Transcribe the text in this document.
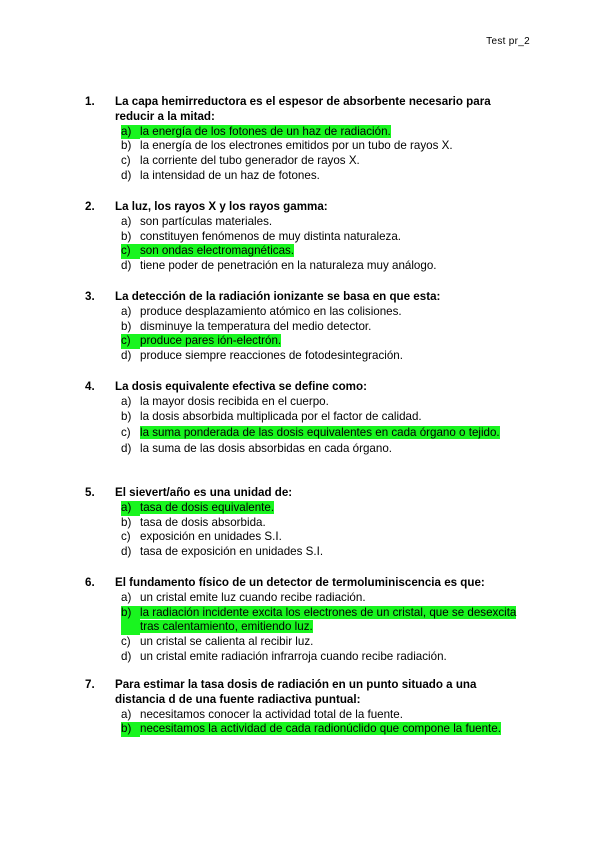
Test pr_2
1.	La capa hemirreductora es el espesor de absorbente necesario para reducir a la mitad:
a) la energía de los fotones de un haz de radiación.
b) la energía de los electrones emitidos por un tubo de rayos X.
c) la corriente del tubo generador de rayos X.
d) la intensidad de un haz de fotones.
2.	La luz, los rayos X y los rayos gamma:
a) son partículas materiales.
b) constituyen fenómenos de muy distinta naturaleza.
c) son ondas electromagnéticas.
d) tiene poder de penetración en la naturaleza muy análogo.
3.	La detección de la radiación ionizante se basa en que esta:
a) produce desplazamiento atómico en las colisiones.
b) disminuye la temperatura del medio detector.
c) produce pares ión-electrón.
d) produce siempre reacciones de fotodesintegración.
4.	La dosis equivalente efectiva se define como:
a) la mayor dosis recibida en el cuerpo.
b) la dosis absorbida multiplicada por el factor de calidad.
c) la suma ponderada de las dosis equivalentes en cada órgano o tejido.
d) la suma de las dosis absorbidas en cada órgano.
5.	El sievert/año es una unidad de:
a) tasa de dosis equivalente.
b) tasa de dosis absorbida.
c) exposición en unidades S.I.
d) tasa de exposición en unidades S.I.
6.	El fundamento físico de un detector de termoluminiscencia es que:
a) un cristal emite luz cuando recibe radiación.
b) la radiación incidente excita los electrones de un cristal, que se desexcita tras calentamiento, emitiendo luz.
c) un cristal se calienta al recibir luz.
d) un cristal emite radiación infrarroja cuando recibe radiación.
7.	Para estimar la tasa dosis de radiación en un punto situado a una distancia d de una fuente radiactiva puntual:
a) necesitamos conocer la actividad total de la fuente.
b) necesitamos la actividad de cada radionúclido que compone la fuente.
